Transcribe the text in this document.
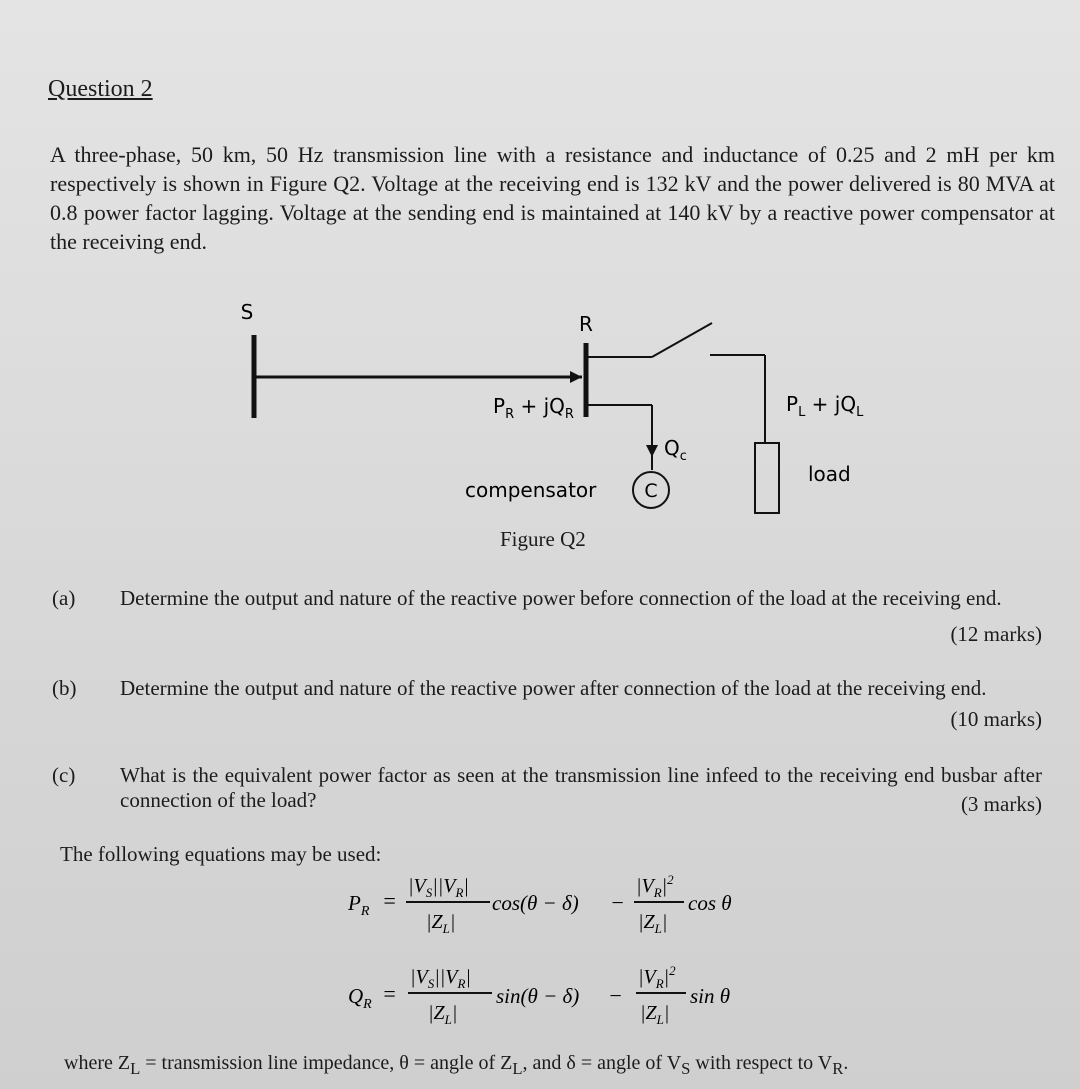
Question 2
A three-phase, 50 km, 50 Hz transmission line with a resistance and inductance of 0.25 and 2 mH per km respectively is shown in Figure Q2. Voltage at the receiving end is 132 kV and the power delivered is 80 MVA at 0.8 power factor lagging. Voltage at the sending end is maintained at 140 kV by a reactive power compensator at the receiving end.
S	R
$P_R + jQ_R$
load
$P_L + jQ_L$
$Q_c$
C
compensator
Figure Q2
(a) Determine the output and nature of the reactive power before connection of the load at the receiving end.
(12 marks)
(b) Determine the output and nature of the reactive power after connection of the load at the receiving end.
(10 marks)
(c) What is the equivalent power factor as seen at the transmission line infeed to the receiving end busbar after connection of the load?	(3 marks)
The following equations may be used:
$P_R$ =
$|V_S||V_R|$
$|Z_L|$
cos(θ − δ) −
$|V_R|^2$
$|Z_L|$
cos θ
$Q_R$ =
$|V_S||V_R|$
$|Z_L|$
sin(θ − δ) −
$|V_R|^2$
$|Z_L|$
sin θ
where $Z_L$ = transmission line impedance, θ = angle of $Z_L$, and δ = angle of $V_S$ with respect to $V_R$.
